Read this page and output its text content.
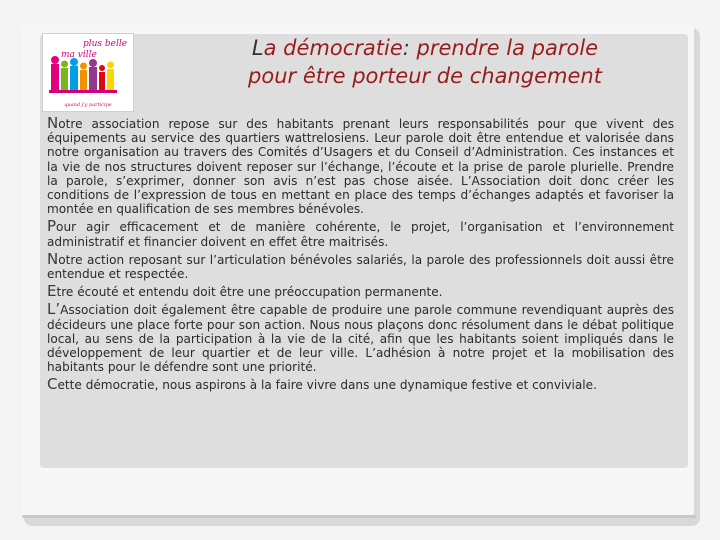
plus belle
ma ville
quand j'y participe
La démocratie: prendre la parole
pour être porteur de changement

Notre association repose sur des habitants prenant leurs responsabilités pour que vivent des équipements au service des quartiers wattrelosiens. Leur parole doit être entendue et valorisée dans notre organisation au travers des Comités d’Usagers et du Conseil d’Administration. Ces instances et la vie de nos structures doivent reposer sur l’échange, l’écoute et la prise de parole plurielle. Prendre la parole, s’exprimer, donner son avis n’est pas chose aisée. L’Association doit donc créer les conditions de l’expression de tous en mettant en place des temps d’échanges adaptés et favoriser la montée en qualification de ses membres bénévoles.

Pour agir efficacement et de manière cohérente, le projet, l’organisation et l’environnement administratif et financier doivent en effet être maitrisés.

Notre action reposant sur l’articulation bénévoles salariés, la parole des professionnels doit aussi être entendue et respectée.

Etre écouté et entendu doit être une préoccupation permanente.

L’Association doit également être capable de produire une parole commune revendiquant auprès des décideurs une place forte pour son action. Nous nous plaçons donc résolument dans le débat politique local, au sens de la participation à la vie de la cité, afin que les habitants soient impliqués dans le développement de leur quartier et de leur ville. L’adhésion à notre projet et la mobilisation des habitants pour le défendre sont une priorité.

Cette démocratie, nous aspirons à la faire vivre dans une dynamique festive et conviviale.
